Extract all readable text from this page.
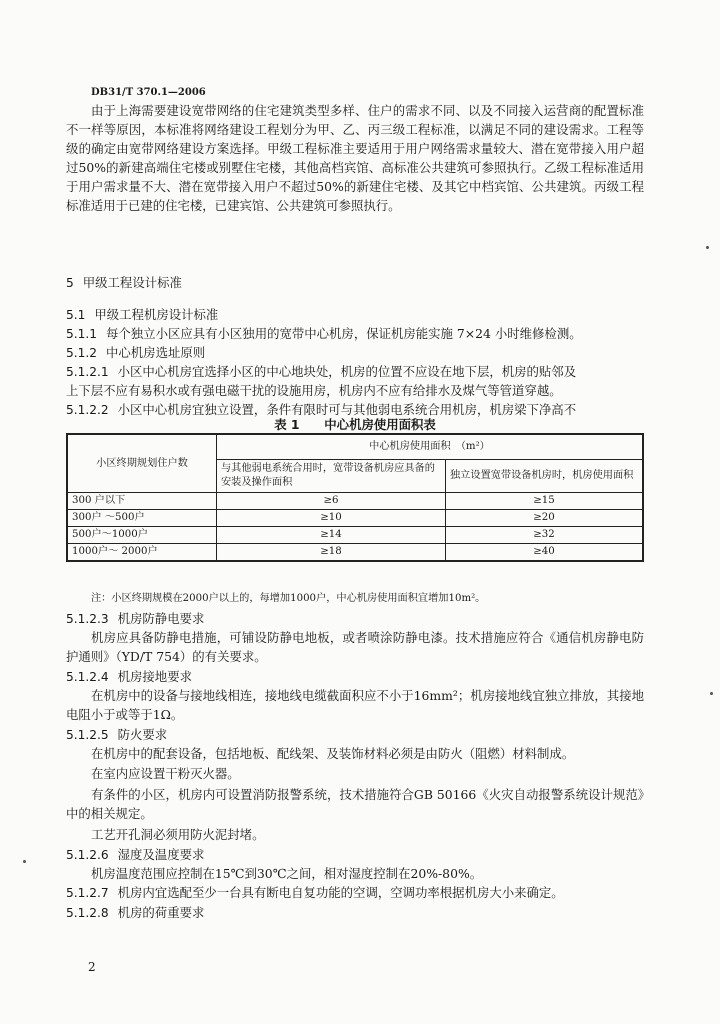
DB31/T 370.1—2006
由于上海需要建设宽带网络的住宅建筑类型多样、住户的需求不同、以及不同接入运营商的配置标准不一样等原因，本标准将网络建设工程划分为甲、乙、丙三级工程标准，以满足不同的建设需求。工程等级的确定由宽带网络建设方案选择。甲级工程标准主要适用于用户网络需求量较大、潜在宽带接入用户超过50%的新建高端住宅楼或别墅住宅楼，其他高档宾馆、高标准公共建筑可参照执行。乙级工程标准适用于用户需求量不大、潜在宽带接入用户不超过50%的新建住宅楼、及其它中档宾馆、公共建筑。丙级工程标准适用于已建的住宅楼，已建宾馆、公共建筑可参照执行。
5 甲级工程设计标准
5.1 甲级工程机房设计标准
5.1.1 每个独立小区应具有小区独用的宽带中心机房，保证机房能实施 7×24 小时维修检测。
5.1.2 中心机房选址原则
5.1.2.1 小区中心机房宜选择小区的中心地块处，机房的位置不应设在地下层，机房的贴邻及
上下层不应有易积水或有强电磁干扰的设施用房，机房内不应有给排水及煤气等管道穿越。
5.1.2.2 小区中心机房宜独立设置，条件有限时可与其他弱电系统合用机房，机房梁下净高不
表 1　　中心机房使用面积表
小区终期规划住户数	中心机房使用面积　（m²）	
	与其他弱电系统合用时，宽带设备机房应具备的安装及操作面积	独立设置宽带设备机房时，机房使用面积
300 户以下	≥6	≥15
300户 ～500户	≥10	≥20
500户～1000户	≥14	≥32
1000户～ 2000户	≥18	≥40
注：小区终期规模在2000户以上的，每增加1000户，中心机房使用面积宜增加10m²。
5.1.2.3 机房防静电要求
机房应具备防静电措施，可铺设防静电地板，或者喷涂防静电漆。技术措施应符合《通信机房静电防护通则》（YD/T 754）的有关要求。
5.1.2.4 机房接地要求
在机房中的设备与接地线相连，接地线电缆截面积应不小于16mm²；机房接地线宜独立排放，其接地电阻小于或等于1Ω。
5.1.2.5 防火要求
在机房中的配套设备，包括地板、配线架、及装饰材料必须是由防火（阻燃）材料制成。
在室内应设置干粉灭火器。
有条件的小区，机房内可设置消防报警系统，技术措施符合GB 50166《火灾自动报警系统设计规范》中的相关规定。
工艺开孔洞必须用防火泥封堵。
5.1.2.6 湿度及温度要求
机房温度范围应控制在15℃到30℃之间，相对湿度控制在20%-80%。
5.1.2.7 机房内宜选配至少一台具有断电自复功能的空调，空调功率根据机房大小来确定。
5.1.2.8 机房的荷重要求
2
